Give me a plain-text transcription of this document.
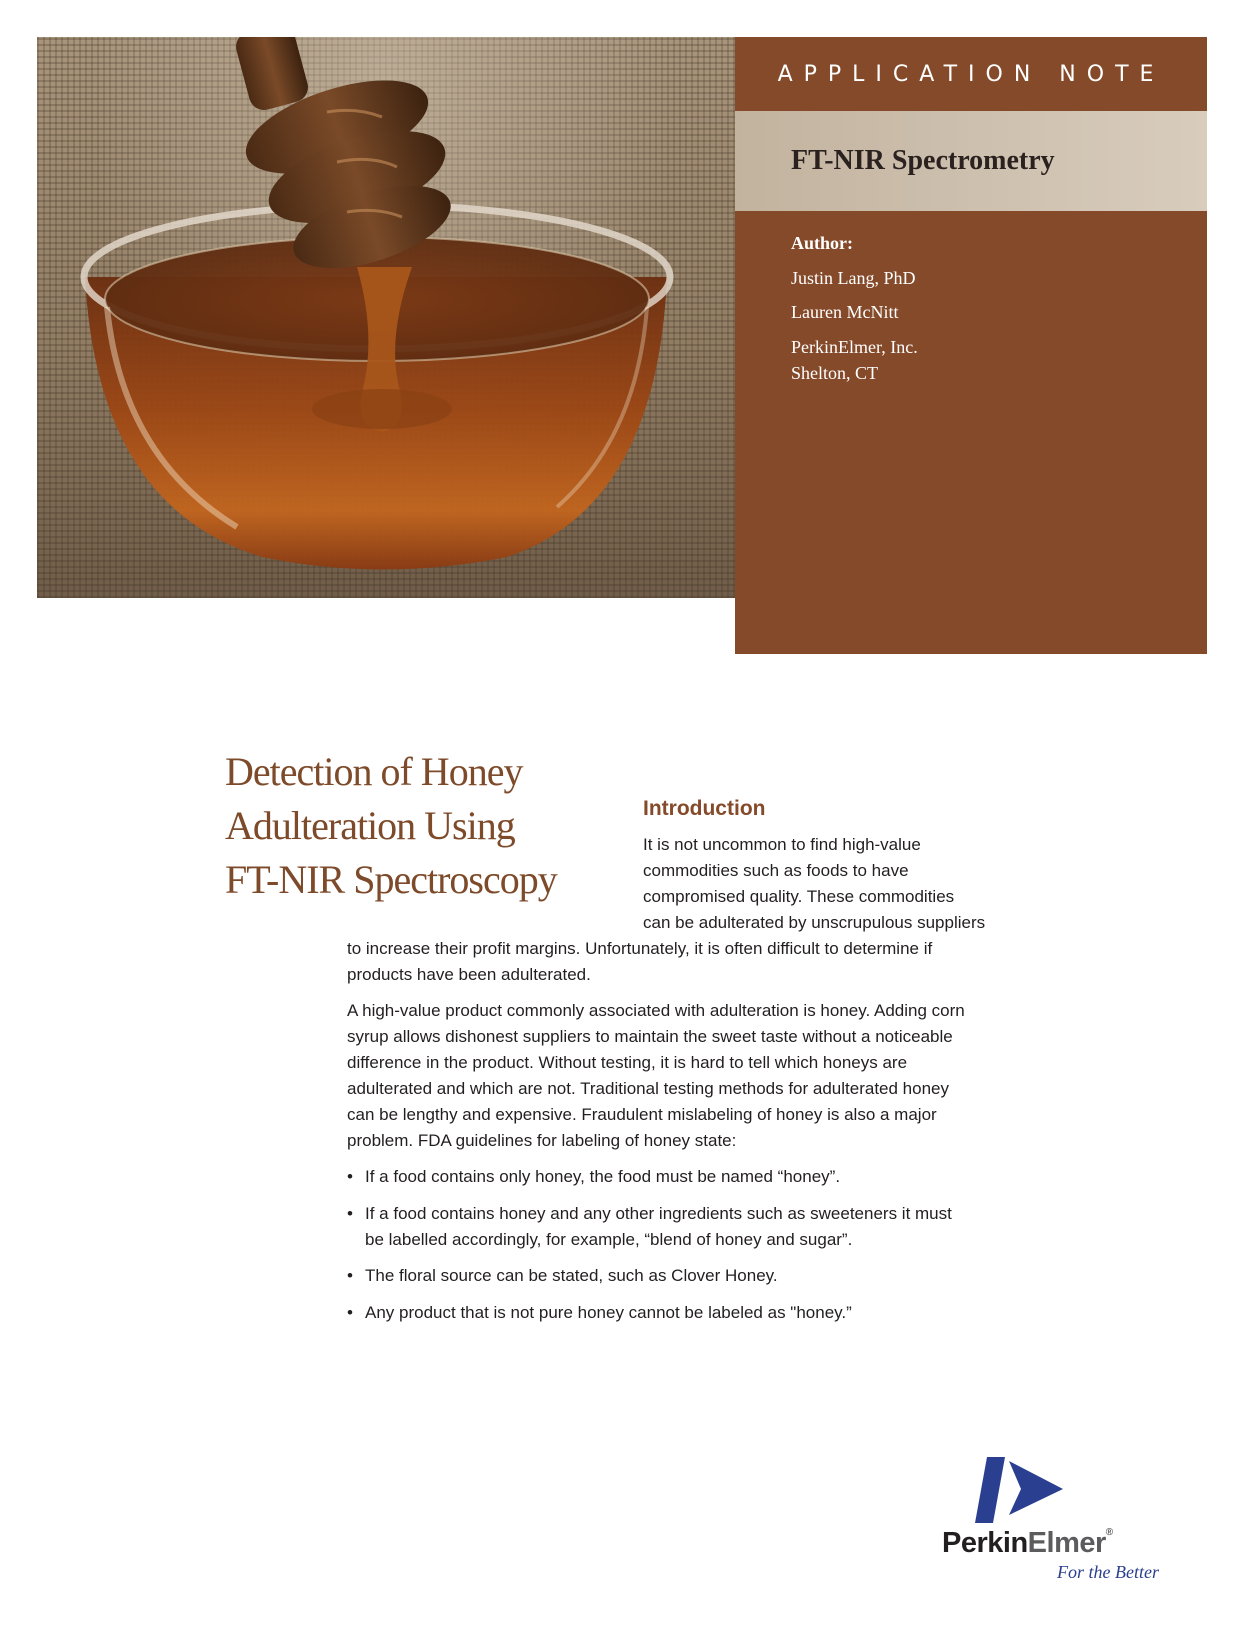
APPLICATION NOTE
FT-NIR Spectrometry
Author:
Justin Lang, PhD
Lauren McNitt
PerkinElmer, Inc.
Shelton, CT
Detection of Honey
Adulteration Using
FT-NIR Spectroscopy
Introduction
It is not uncommon to find high-value
commodities such as foods to have
compromised quality. These commodities
can be adulterated by unscrupulous suppliers
to increase their profit margins. Unfortunately, it is often difficult to determine if
products have been adulterated.
A high-value product commonly associated with adulteration is honey. Adding corn
syrup allows dishonest suppliers to maintain the sweet taste without a noticeable
difference in the product. Without testing, it is hard to tell which honeys are
adulterated and which are not. Traditional testing methods for adulterated honey
can be lengthy and expensive. Fraudulent mislabeling of honey is also a major
problem. FDA guidelines for labeling of honey state:
• If a food contains only honey, the food must be named “honey”.
• If a food contains honey and any other ingredients such as sweeteners it must
be labelled accordingly, for example, “blend of honey and sugar”.
• The floral source can be stated, such as Clover Honey.
• Any product that is not pure honey cannot be labeled as "honey.”
PerkinElmer®
For the Better
